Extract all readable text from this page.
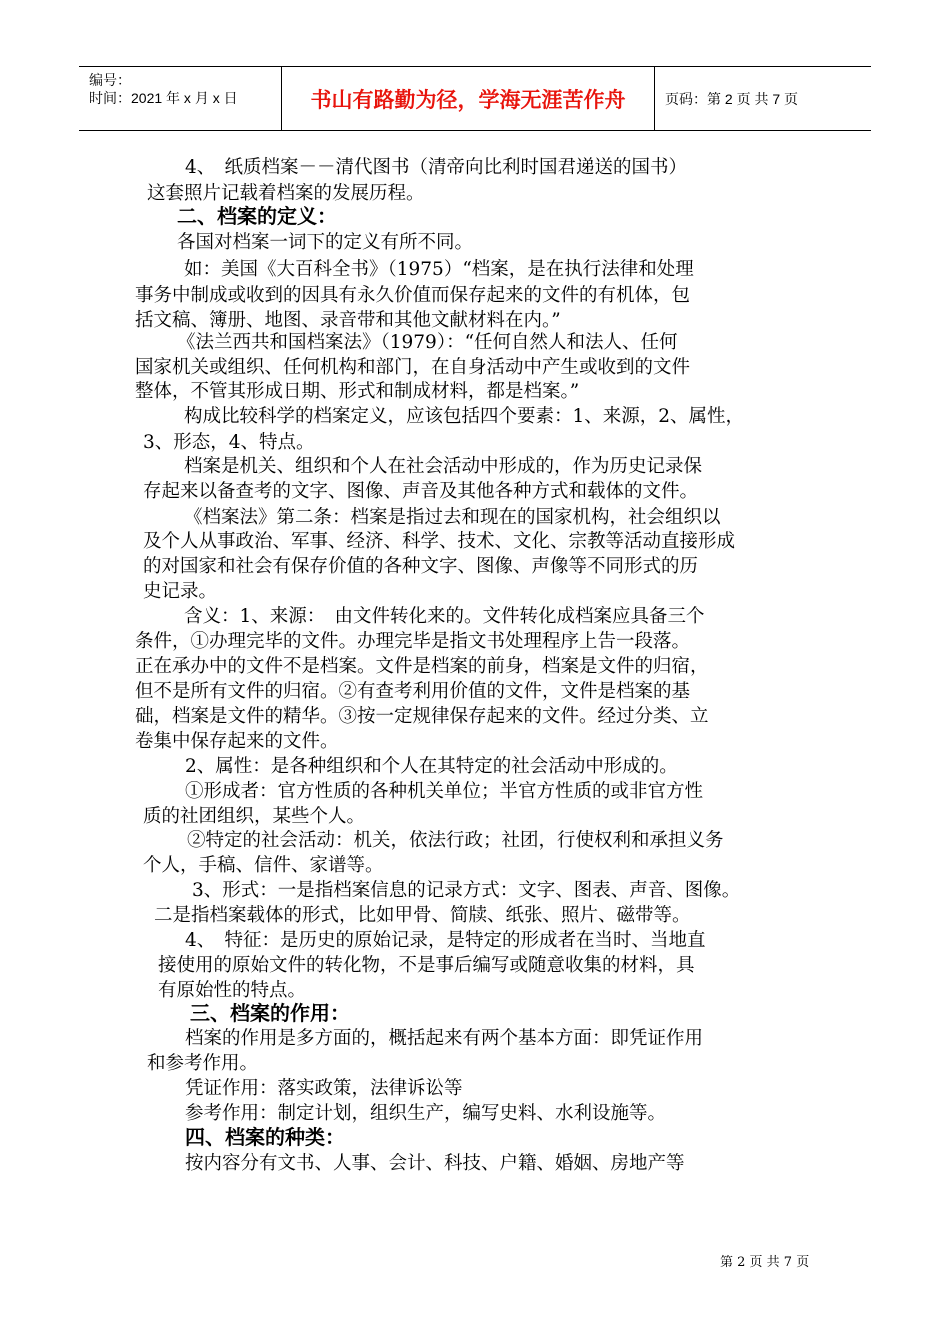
编号：
时间：2021 年 x 月 x 日	书山有路勤为径，学海无涯苦作舟	页码：第 2 页 共 7 页
4、　纸质档案－－清代图书（清帝向比利时国君递送的国书）
这套照片记载着档案的发展历程。
二、档案的定义：
各国对档案一词下的定义有所不同。
如：美国《大百科全书》（1975）“档案，是在执行法律和处理
事务中制成或收到的因具有永久价值而保存起来的文件的有机体，包
括文稿、簿册、地图、录音带和其他文献材料在内。”
《法兰西共和国档案法》（1979）：“任何自然人和法人、任何
国家机关或组织、任何机构和部门，在自身活动中产生或收到的文件
整体，不管其形成日期、形式和制成材料，都是档案。”
构成比较科学的档案定义，应该包括四个要素：1、来源，2、属性，
3、形态，4、特点。
档案是机关、组织和个人在社会活动中形成的，作为历史记录保
存起来以备查考的文字、图像、声音及其他各种方式和载体的文件。
《档案法》第二条：档案是指过去和现在的国家机构，社会组织以
及个人从事政治、军事、经济、科学、技术、文化、宗教等活动直接形成
的对国家和社会有保存价值的各种文字、图像、声像等不同形式的历
史记录。
含义：1、来源：　由文件转化来的。文件转化成档案应具备三个
条件，①办理完毕的文件。办理完毕是指文书处理程序上告一段落。
正在承办中的文件不是档案。文件是档案的前身，档案是文件的归宿，
但不是所有文件的归宿。②有查考利用价值的文件，文件是档案的基
础，档案是文件的精华。③按一定规律保存起来的文件。经过分类、立
卷集中保存起来的文件。
2、属性：是各种组织和个人在其特定的社会活动中形成的。
①形成者：官方性质的各种机关单位；半官方性质的或非官方性
质的社团组织，某些个人。
②特定的社会活动：机关，依法行政；社团，行使权利和承担义务
个人，手稿、信件、家谱等。
3、形式：一是指档案信息的记录方式：文字、图表、声音、图像。
二是指档案载体的形式，比如甲骨、简牍、纸张、照片、磁带等。
4、　特征：是历史的原始记录，是特定的形成者在当时、当地直
接使用的原始文件的转化物，不是事后编写或随意收集的材料，具
有原始性的特点。
三、档案的作用：
档案的作用是多方面的，概括起来有两个基本方面：即凭证作用
和参考作用。
凭证作用：落实政策，法律诉讼等
参考作用：制定计划，组织生产，编写史料、水利设施等。
四、档案的种类：
按内容分有文书、人事、会计、科技、户籍、婚姻、房地产等
第 2 页 共 7 页
